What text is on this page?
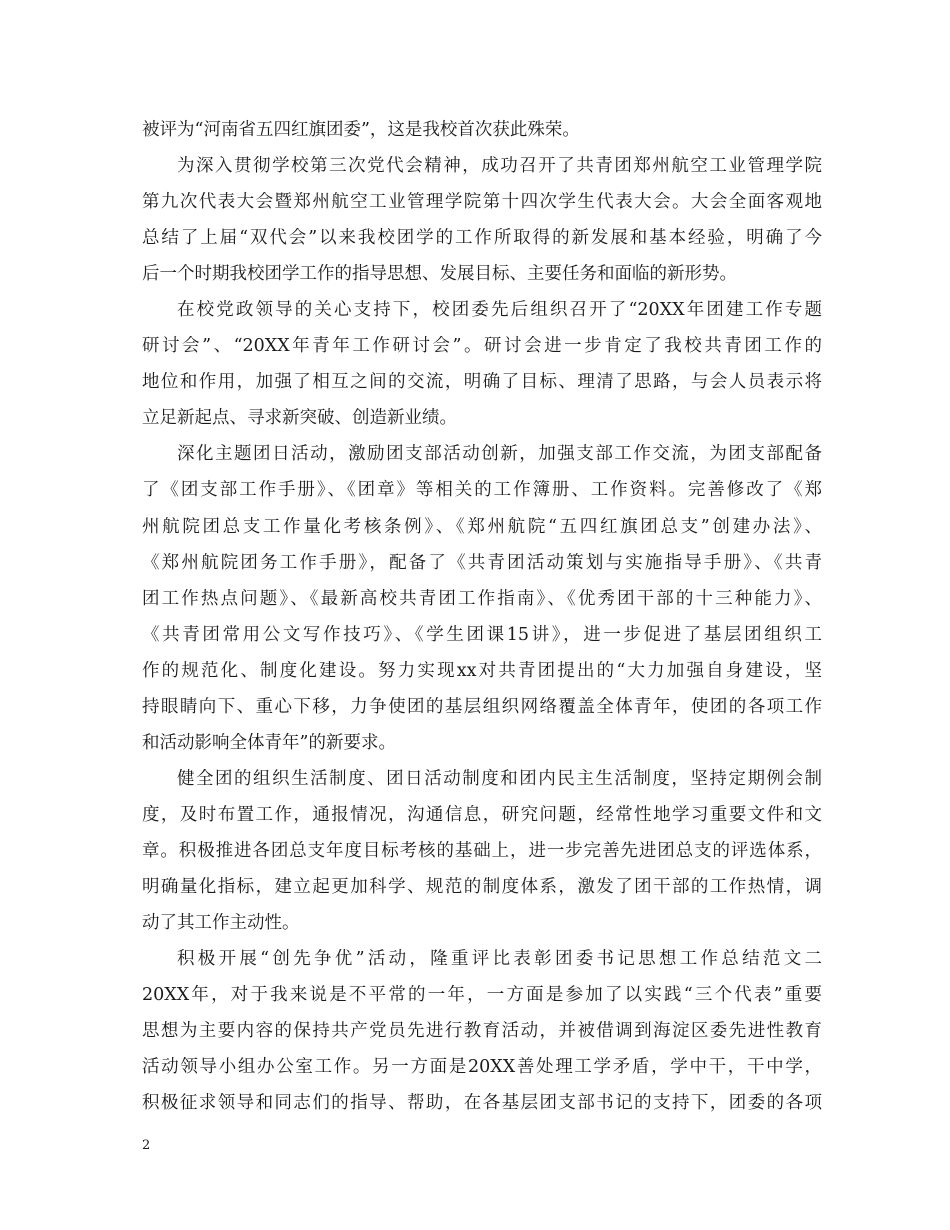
被评为“河南省五四红旗团委”，这是我校首次获此殊荣。
为深入贯彻学校第三次党代会精神，成功召开了共青团郑州航空工业管理学院
第九次代表大会暨郑州航空工业管理学院第十四次学生代表大会。大会全面客观地
总结了上届“双代会”以来我校团学的工作所取得的新发展和基本经验，明确了今
后一个时期我校团学工作的指导思想、发展目标、主要任务和面临的新形势。
在校党政领导的关心支持下，校团委先后组织召开了“20XX年团建工作专题
研讨会”、“20XX年青年工作研讨会”。研讨会进一步肯定了我校共青团工作的
地位和作用，加强了相互之间的交流，明确了目标、理清了思路，与会人员表示将
立足新起点、寻求新突破、创造新业绩。
深化主题团日活动，激励团支部活动创新，加强支部工作交流，为团支部配备
了《团支部工作手册》、《团章》等相关的工作簿册、工作资料。完善修改了《郑
州航院团总支工作量化考核条例》、《郑州航院“五四红旗团总支”创建办法》、
《郑州航院团务工作手册》，配备了《共青团活动策划与实施指导手册》、《共青
团工作热点问题》、《最新高校共青团工作指南》、《优秀团干部的十三种能力》、
《共青团常用公文写作技巧》、《学生团课15讲》，进一步促进了基层团组织工
作的规范化、制度化建设。努力实现xx对共青团提出的“大力加强自身建设，坚
持眼睛向下、重心下移，力争使团的基层组织网络覆盖全体青年，使团的各项工作
和活动影响全体青年”的新要求。
健全团的组织生活制度、团日活动制度和团内民主生活制度，坚持定期例会制
度，及时布置工作，通报情况，沟通信息，研究问题，经常性地学习重要文件和文
章。积极推进各团总支年度目标考核的基础上，进一步完善先进团总支的评选体系，
明确量化指标，建立起更加科学、规范的制度体系，激发了团干部的工作热情，调
动了其工作主动性。
积极开展“创先争优”活动，隆重评比表彰团委书记思想工作总结范文二
20XX年，对于我来说是不平常的一年，一方面是参加了以实践“三个代表”重要
思想为主要内容的保持共产党员先进行教育活动，并被借调到海淀区委先进性教育
活动领导小组办公室工作。另一方面是20XX善处理工学矛盾，学中干，干中学，
积极征求领导和同志们的指导、帮助，在各基层团支部书记的支持下，团委的各项
2
